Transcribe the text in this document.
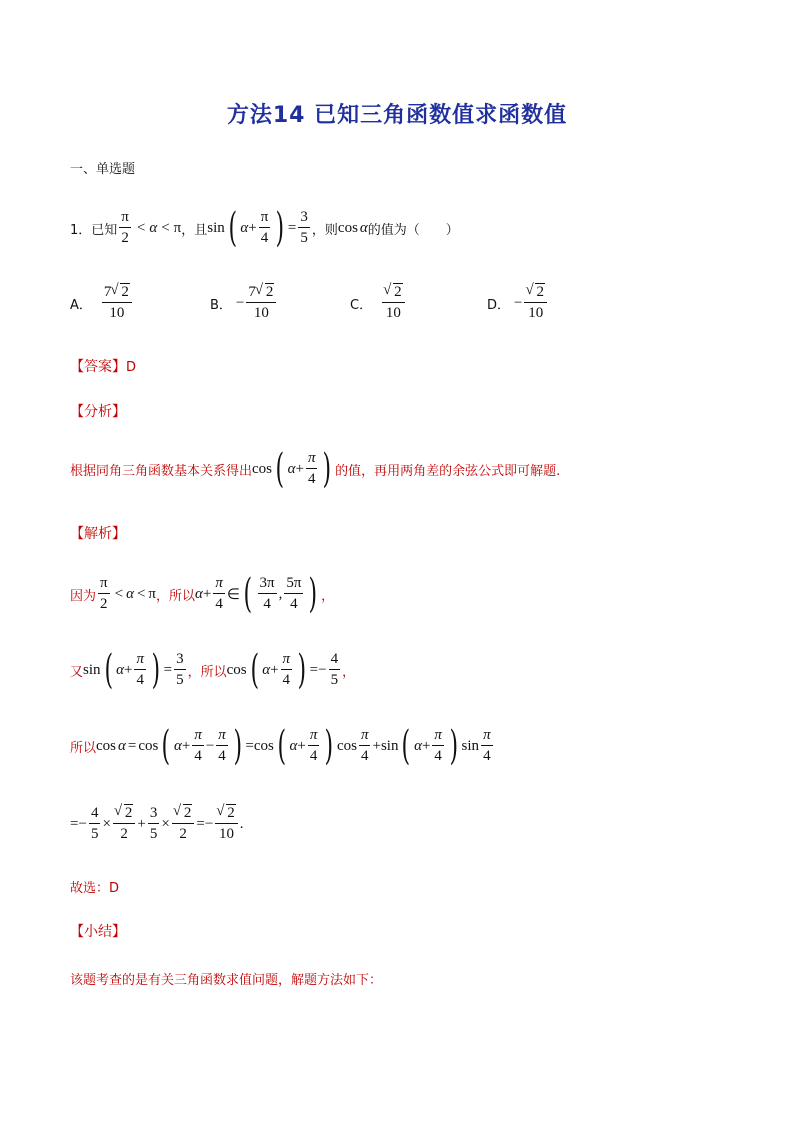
方法14 已知三角函数值求函数值
一、单选题
1．已知 $\frac{\pi}{2} < \alpha < \pi$ ，且 sin ( $\alpha + \frac{\pi}{4}$ ) = $\frac{3}{5}$ ，则 cos α 的值为（　　）
A． $\frac{7 √ 2}{10}$	B． − $\frac{7 √ 2}{10}$	C． √ $\frac{2}{10}$	D． − √ $\frac{2}{10}$
【答案】D
【分析】
根据同角三角函数基本关系得出 cos ( $\alpha + \frac{\pi}{4}$ ) 的值，再用两角差的余弦公式即可解题.
【解析】
因为 $\frac{\pi}{2} < \alpha < \pi$ ，所以 $\alpha + \frac{\pi}{4}$ ∈ ( $\frac{3\pi}{4}$ , $\frac{5\pi}{4}$ ) ，
又 sin ( $\alpha + \frac{\pi}{4}$ ) = $\frac{3}{5}$ ，所以 cos ( $\alpha + \frac{\pi}{4}$ ) = − $\frac{4}{5}$ ，
所以 cos α = cos ( $\alpha + \frac{\pi}{4} - \frac{\pi}{4}$ ) = cos ( $\alpha + \frac{\pi}{4}$ ) $\cos \frac{\pi}{4} + \sin$ ( $\alpha + \frac{\pi}{4}$ ) $\sin \frac{\pi}{4}$
= − $\frac{4}{5}$ × √ $\frac{2}{2} + \frac{3}{5}$ × √ $\frac{2}{2}$ = − √ $\frac{2}{10}$ .
故选：D
【小结】
该题考查的是有关三角函数求值问题，解题方法如下：
